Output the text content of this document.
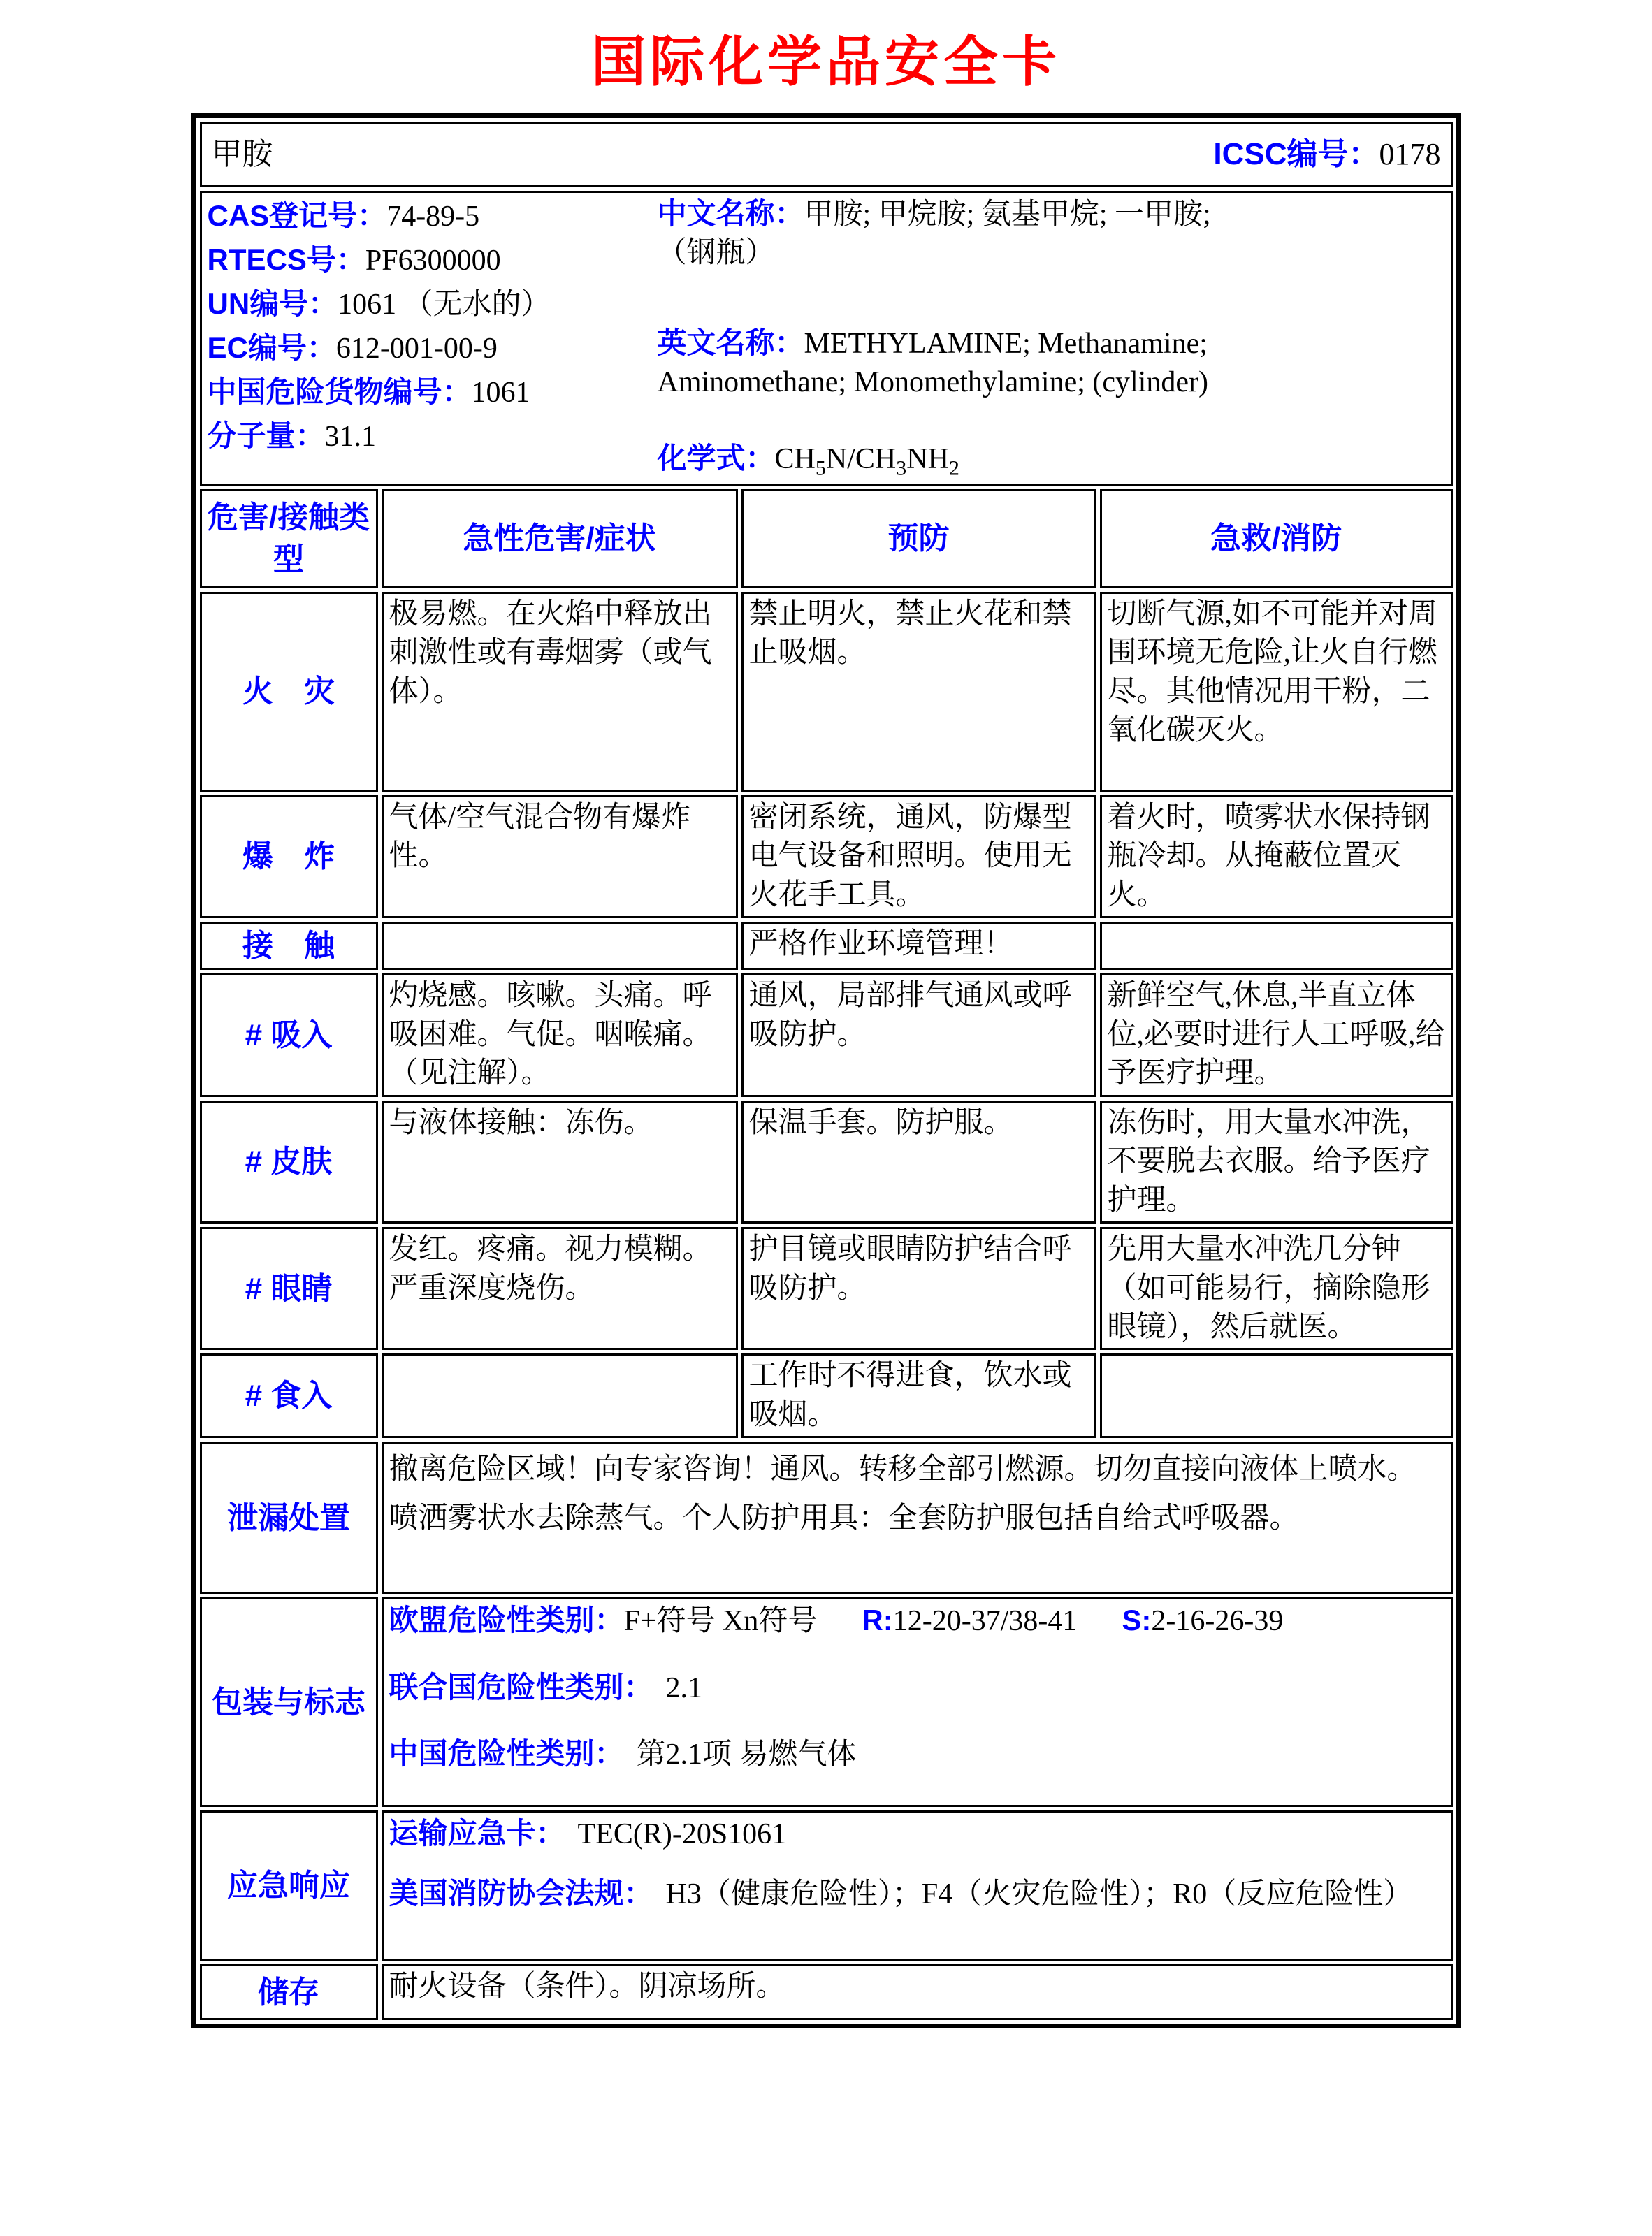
国际化学品安全卡
甲胺 ICSC编号：0178			

CAS登记号：74-89-5

RTECS号：PF6300000

UN编号：1061 （无水的）

EC编号：612-001-00-9

中国危险货物编号：1061

分子量：31.1

中文名称：甲胺; 甲烷胺; 氨基甲烷; 一甲胺;
（钢瓶）

英文名称：METHYLAMINE; Methanamine;
Aminomethane; Monomethylamine; (cylinder)

化学式：$CH_5N/CH_3NH_2$

危害/接触类型	急性危害/症状	预防	急救/消防
火　灾	极易燃。在火焰中释放出刺激性或有毒烟雾（或气体）。	禁止明火，禁止火花和禁止吸烟。	切断气源,如不可能并对周围环境无危险,让火自行燃尽。其他情况用干粉，二氧化碳灭火。
爆　炸	气体/空气混合物有爆炸性。	密闭系统，通风，防爆型电气设备和照明。使用无火花手工具。	着火时，喷雾状水保持钢瓶冷却。从掩蔽位置灭火。
接　触		严格作业环境管理！	
# 吸入	灼烧感。咳嗽。头痛。呼吸困难。气促。咽喉痛。（见注解）。	通风，局部排气通风或呼吸防护。	新鲜空气,休息,半直立体位,必要时进行人工呼吸,给予医疗护理。
# 皮肤	与液体接触：冻伤。	保温手套。防护服。	冻伤时，用大量水冲洗，不要脱去衣服。给予医疗护理。
# 眼睛	发红。疼痛。视力模糊。严重深度烧伤。	护目镜或眼睛防护结合呼吸防护。	先用大量水冲洗几分钟（如可能易行，摘除隐形眼镜），然后就医。
# 食入		工作时不得进食，饮水或吸烟。	
泄漏处置	撤离危险区域！向专家咨询！通风。转移全部引燃源。切勿直接向液体上喷水。喷洒雾状水去除蒸气。个人防护用具：全套防护服包括自给式呼吸器。		
包装与标志	欧盟危险性类别：F+符号 Xn符号 R:12-20-37/38-41 S:2-16-26-39

联合国危险性类别： 2.1

中国危险性类别： 第2.1项 易燃气体		

应急响应	运输应急卡： TEC(R)-20S1061

美国消防协会法规： H3（健康危险性）；F4（火灾危险性）；R0（反应危险性）		

储存	耐火设备（条件）。阴凉场所。		
